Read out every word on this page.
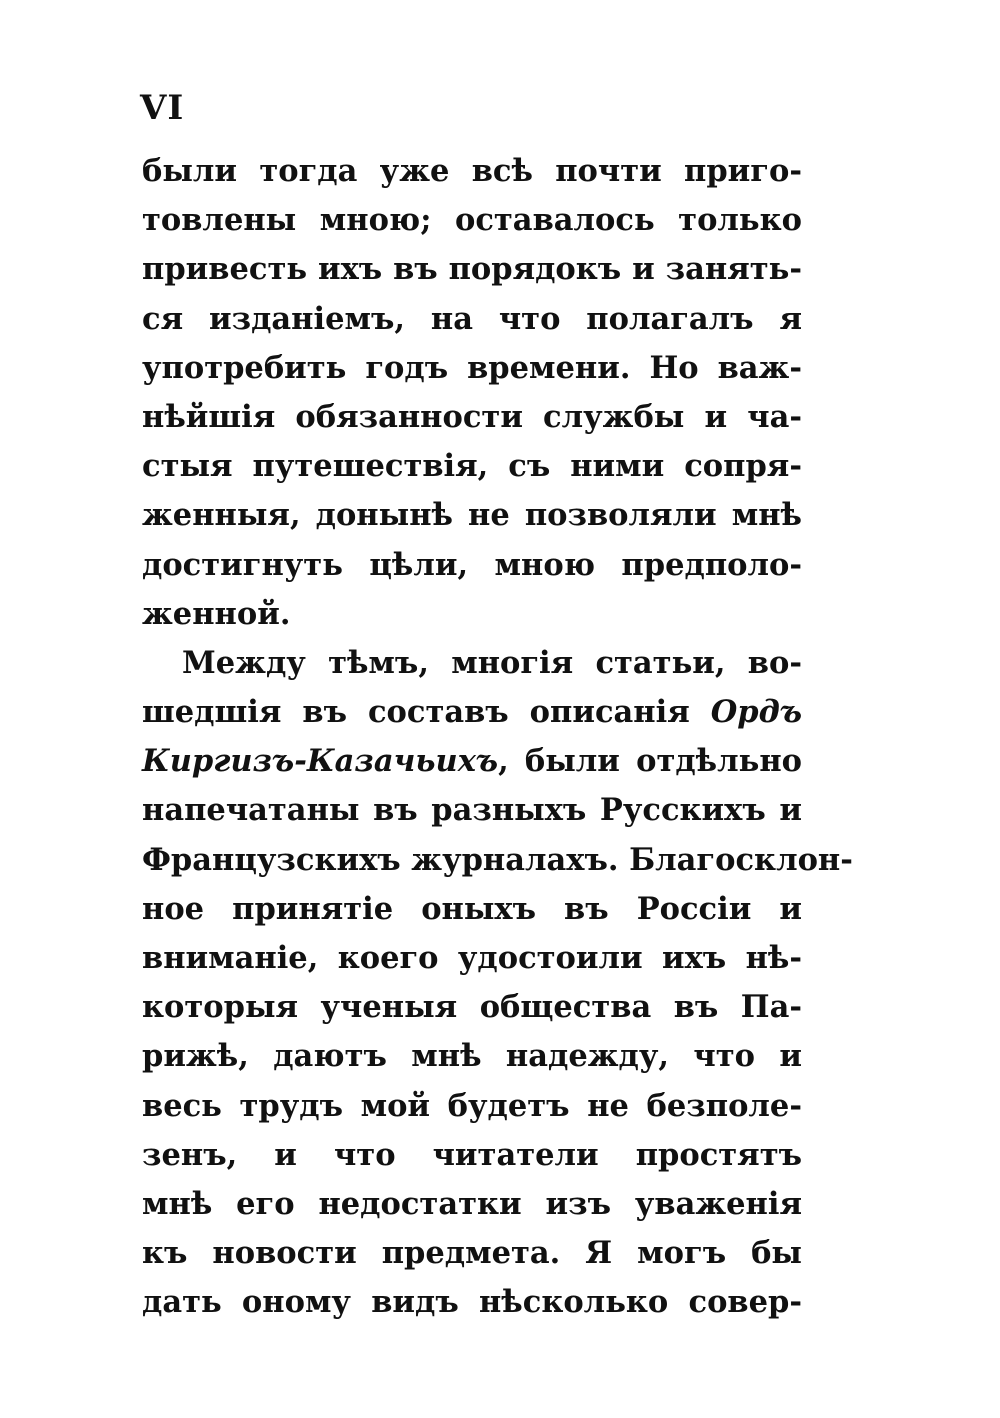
VI
были тогда уже всѣ почти приго-
товлены мною; оставалось только
привесть ихъ въ порядокъ и занять-
ся изданіемъ, на что полагалъ я
употребить годъ времени. Но важ-
нѣйшія обязанности службы и ча-
стыя путешествія, съ ними сопря-
женныя, донынѣ не позволяли мнѣ
достигнуть цѣли, мною предполо-
женной.
Между тѣмъ, многія статьи, во-
шедшія въ составъ описанія Ордъ
Киргизъ-Казачьихъ, были отдѣльно
напечатаны въ разныхъ Русскихъ и
Французскихъ журналахъ. Благосклон-
ное принятіе оныхъ въ Россіи и
вниманіе, коего удостоили ихъ нѣ-
которыя ученыя общества въ Па-
рижѣ, даютъ мнѣ надежду, что и
весь трудъ мой будетъ не безполе-
зенъ, и что читатели простятъ
мнѣ его недостатки изъ уваженія
къ новости предмета. Я могъ бы
дать оному видъ нѣсколько совер-
